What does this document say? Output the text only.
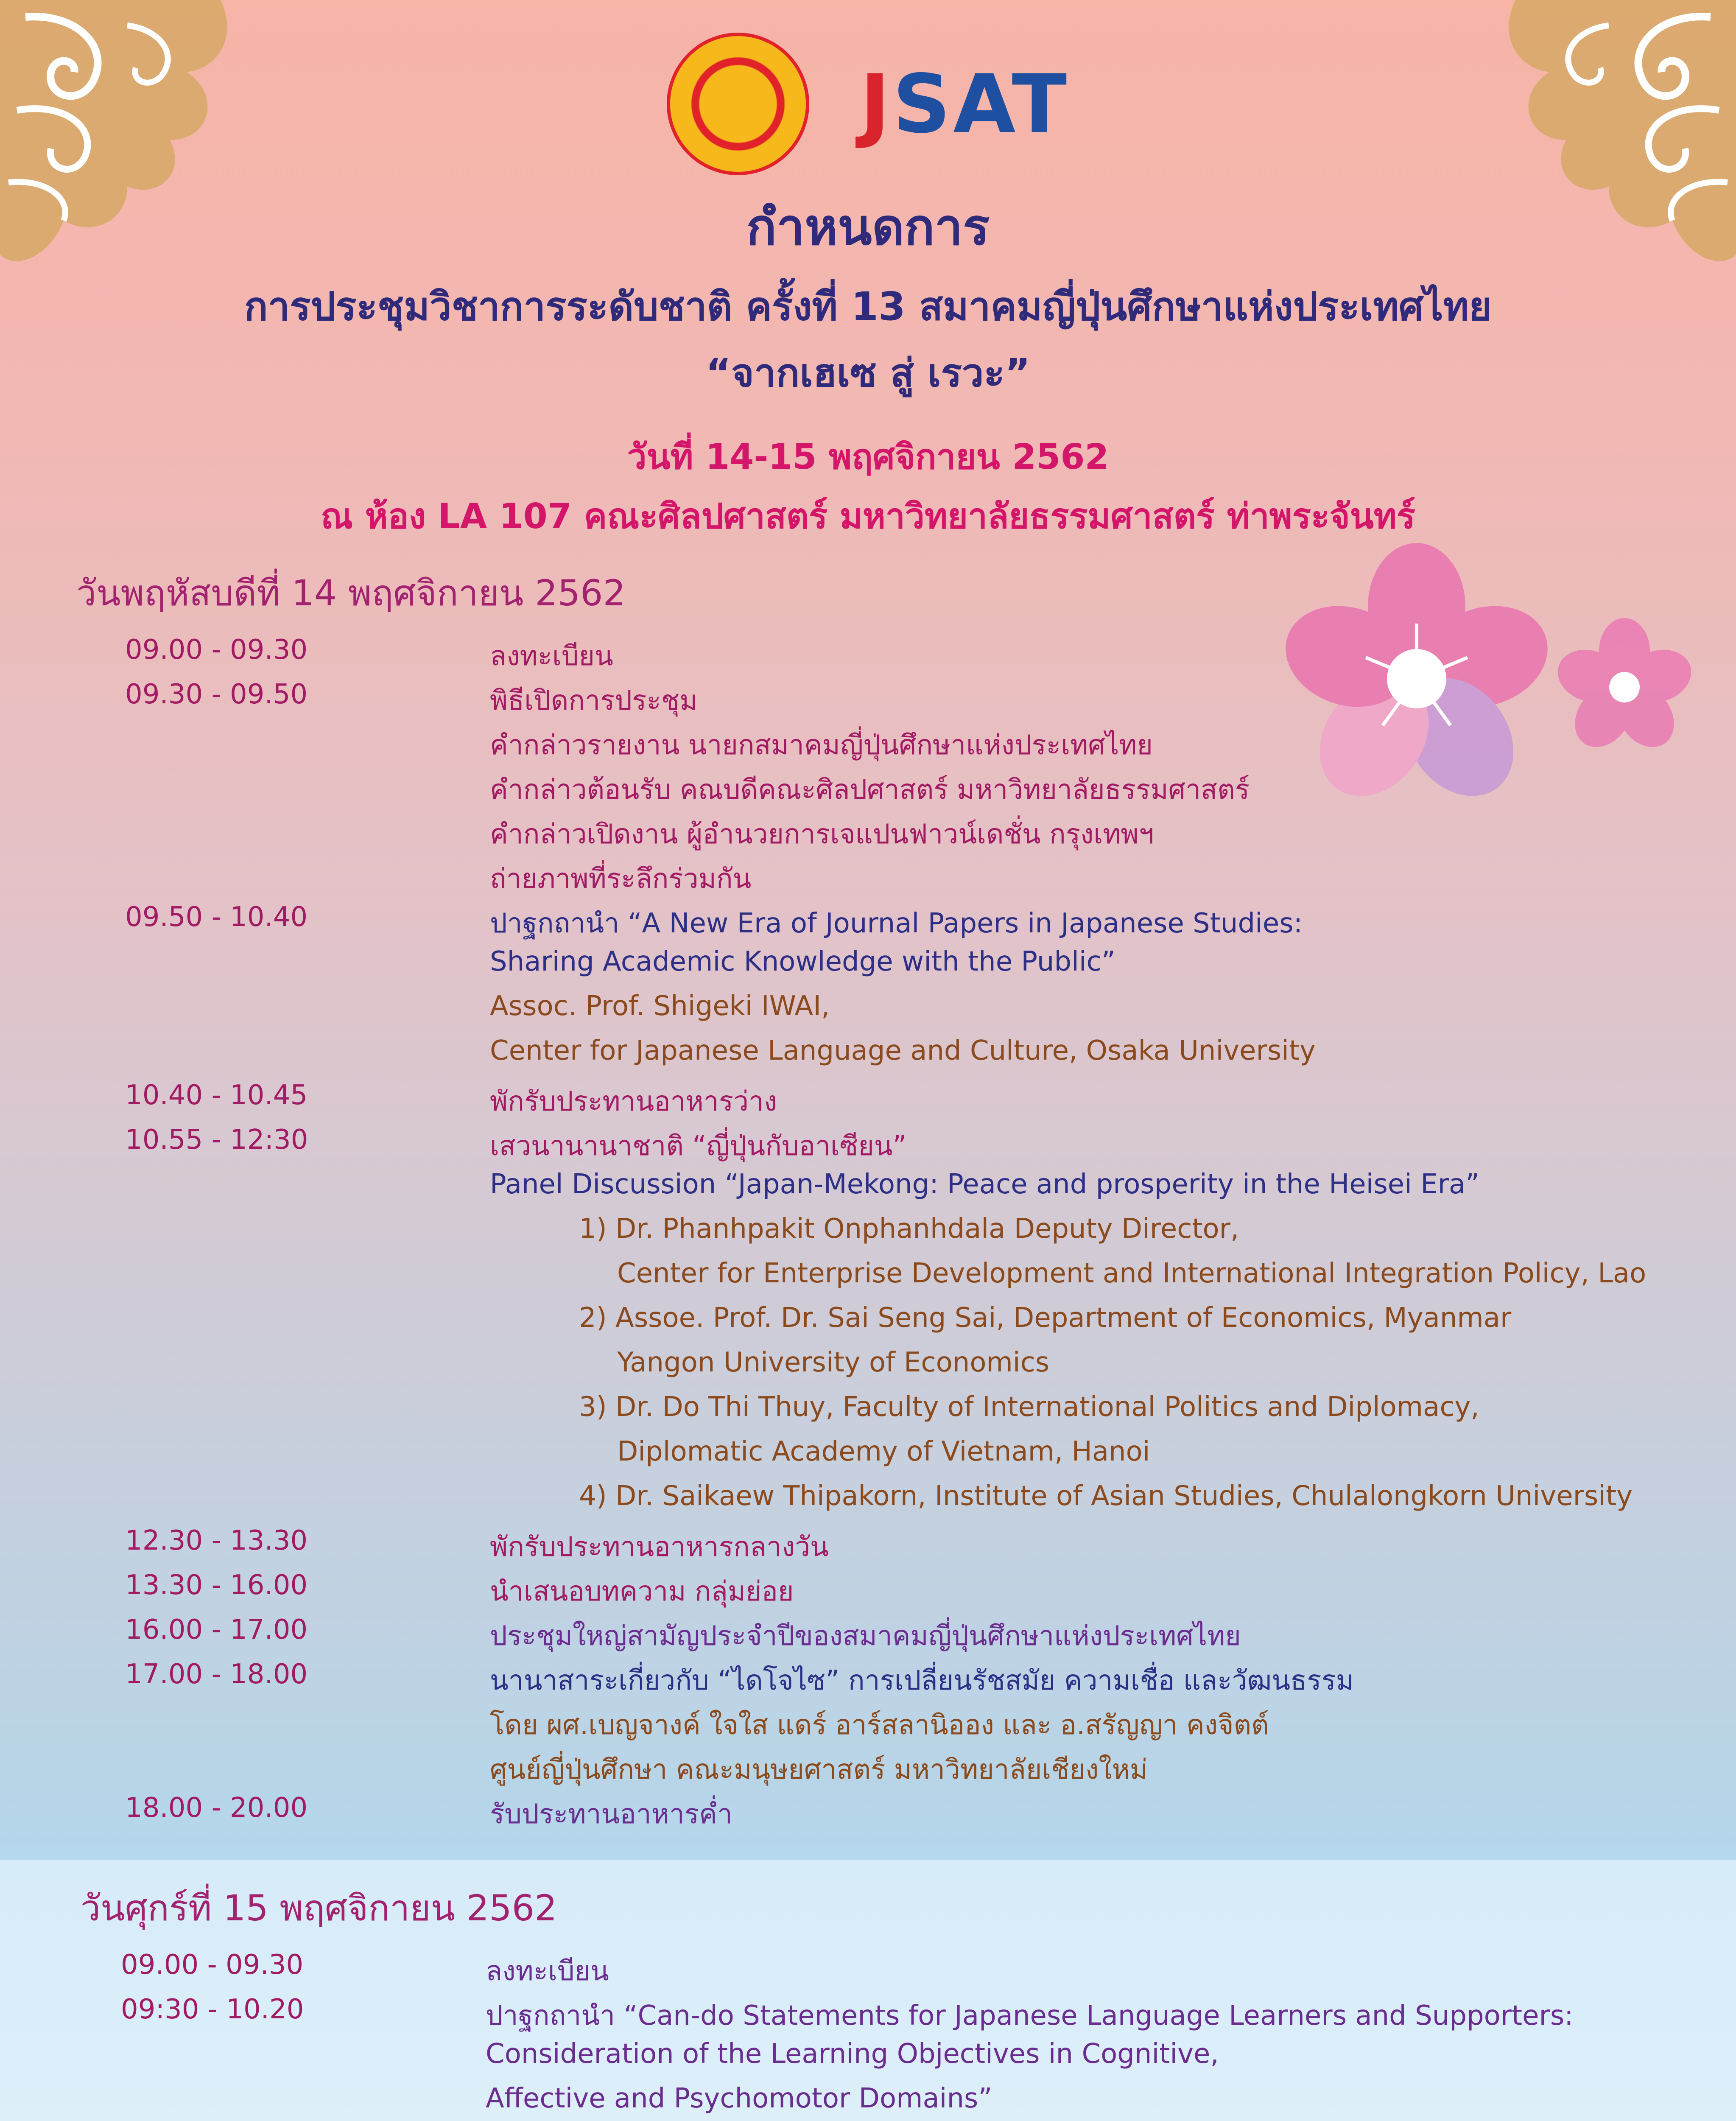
JSAT
กำหนดการ
การประชุมวิชาการระดับชาติ ครั้งที่ 13 สมาคมญี่ปุ่นศึกษาแห่งประเทศไทย
“จากเฮเซ สู่ เรวะ”
วันที่ 14-15 พฤศจิกายน 2562
ณ ห้อง LA 107 คณะศิลปศาสตร์ มหาวิทยาลัยธรรมศาสตร์ ท่าพระจันทร์
วันพฤหัสบดีที่ 14 พฤศจิกายน 2562
09.00 - 09.30	ลงทะเบียน
09.30 - 09.50	พิธีเปิดการประชุม
คำกล่าวรายงาน นายกสมาคมญี่ปุ่นศึกษาแห่งประเทศไทย
คำกล่าวต้อนรับ คณบดีคณะศิลปศาสตร์ มหาวิทยาลัยธรรมศาสตร์
คำกล่าวเปิดงาน ผู้อำนวยการเจแปนฟาวน์เดชั่น กรุงเทพฯ
ถ่ายภาพที่ระลึกร่วมกัน
09.50 - 10.40	ปาฐกถานำ “A New Era of Journal Papers in Japanese Studies:
Sharing Academic Knowledge with the Public”
Assoc. Prof. Shigeki IWAI,
Center for Japanese Language and Culture, Osaka University
10.40 - 10.45	พักรับประทานอาหารว่าง
10.55 - 12:30	เสวนานานาชาติ “ญี่ปุ่นกับอาเซียน”
Panel Discussion “Japan-Mekong: Peace and prosperity in the Heisei Era”
1) Dr. Phanhpakit Onphanhdala Deputy Director,
Center for Enterprise Development and International Integration Policy, Lao
2) Assoe. Prof. Dr. Sai Seng Sai, Department of Economics, Myanmar
Yangon University of Economics
3) Dr. Do Thi Thuy, Faculty of International Politics and Diplomacy,
Diplomatic Academy of Vietnam, Hanoi
4) Dr. Saikaew Thipakorn, Institute of Asian Studies, Chulalongkorn University
12.30 - 13.30	พักรับประทานอาหารกลางวัน
13.30 - 16.00	นำเสนอบทความ กลุ่มย่อย
16.00 - 17.00	ประชุมใหญ่สามัญประจำปีของสมาคมญี่ปุ่นศึกษาแห่งประเทศไทย
17.00 - 18.00	นานาสาระเกี่ยวกับ “ไดโจไซ” การเปลี่ยนรัชสมัย ความเชื่อ และวัฒนธรรม
โดย ผศ.เบญจางค์ ใจใส แดร์ อาร์สลานิออง และ อ.สรัญญา คงจิตต์
ศูนย์ญี่ปุ่นศึกษา คณะมนุษยศาสตร์ มหาวิทยาลัยเชียงใหม่
18.00 - 20.00	รับประทานอาหารค่ำ
วันศุกร์ที่ 15 พฤศจิกายน 2562
09.00 - 09.30	ลงทะเบียน
09:30 - 10.20	ปาฐกถานำ “Can-do Statements for Japanese Language Learners and Supporters:
Consideration of the Learning Objectives in Cognitive,
Affective and Psychomotor Domains”
